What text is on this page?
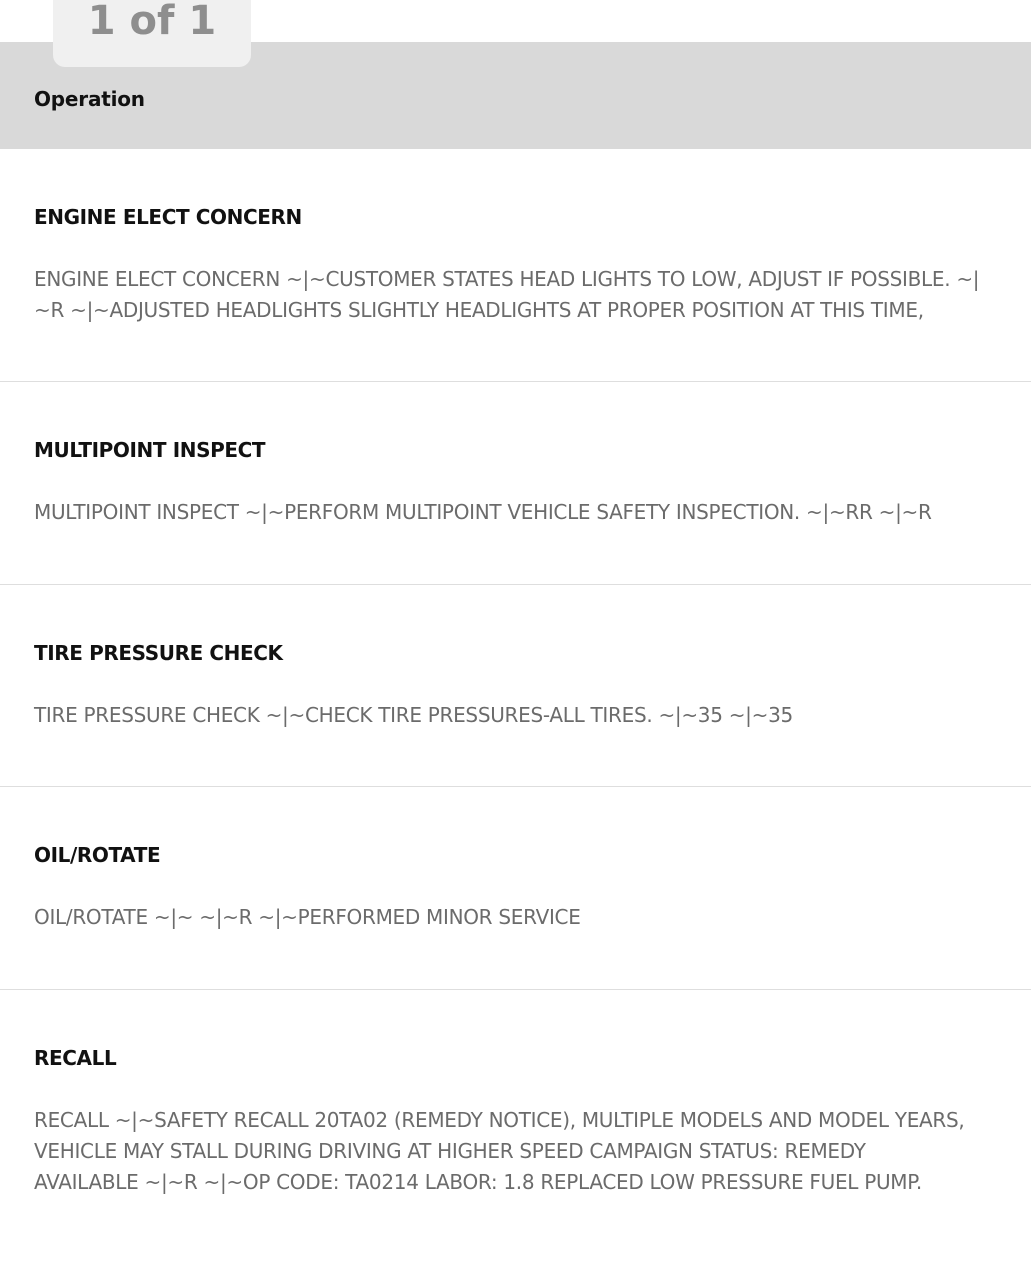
1 of 1
Operation
ENGINE ELECT CONCERN

ENGINE ELECT CONCERN ~|~CUSTOMER STATES HEAD LIGHTS TO LOW, ADJUST IF POSSIBLE. ~|
~R ~|~ADJUSTED HEADLIGHTS SLIGHTLY HEADLIGHTS AT PROPER POSITION AT THIS TIME,

MULTIPOINT INSPECT

MULTIPOINT INSPECT ~|~PERFORM MULTIPOINT VEHICLE SAFETY INSPECTION. ~|~RR ~|~R

TIRE PRESSURE CHECK

TIRE PRESSURE CHECK ~|~CHECK TIRE PRESSURES-ALL TIRES. ~|~35 ~|~35

OIL/ROTATE

OIL/ROTATE ~|~ ~|~R ~|~PERFORMED MINOR SERVICE

RECALL

RECALL ~|~SAFETY RECALL 20TA02 (REMEDY NOTICE), MULTIPLE MODELS AND MODEL YEARS,
VEHICLE MAY STALL DURING DRIVING AT HIGHER SPEED CAMPAIGN STATUS: REMEDY
AVAILABLE ~|~R ~|~OP CODE: TA0214 LABOR: 1.8 REPLACED LOW PRESSURE FUEL PUMP.
